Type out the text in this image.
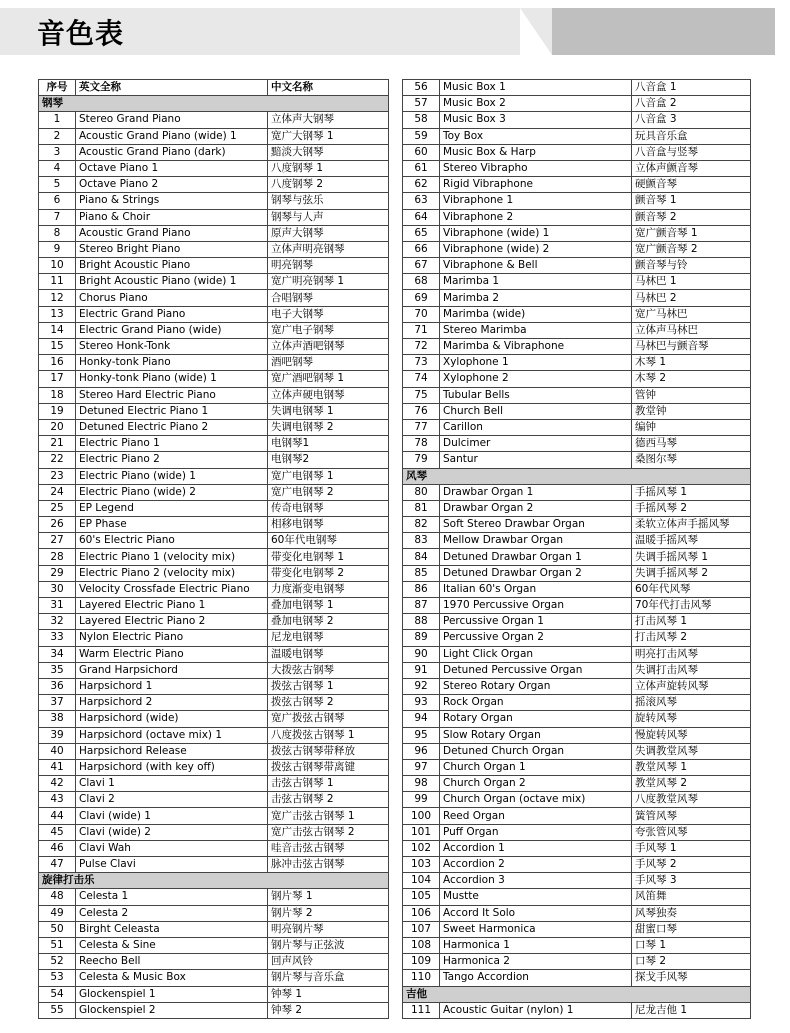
音色表
序号	英文全称	中文名称
钢琴		
1	Stereo Grand Piano	立体声大钢琴
2	Acoustic Grand Piano (wide) 1	宽广大钢琴 1
3	Acoustic Grand Piano (dark)	黯淡大钢琴
4	Octave Piano 1	八度钢琴 1
5	Octave Piano 2	八度钢琴 2
6	Piano & Strings	钢琴与弦乐
7	Piano & Choir	钢琴与人声
8	Acoustic Grand Piano	原声大钢琴
9	Stereo Bright Piano	立体声明亮钢琴
10	Bright Acoustic Piano	明亮钢琴
11	Bright Acoustic Piano (wide) 1	宽广明亮钢琴 1
12	Chorus Piano	合唱钢琴
13	Electric Grand Piano	电子大钢琴
14	Electric Grand Piano (wide)	宽广电子钢琴
15	Stereo Honk-Tonk	立体声酒吧钢琴
16	Honky-tonk Piano	酒吧钢琴
17	Honky-tonk Piano (wide) 1	宽广酒吧钢琴 1
18	Stereo Hard Electric Piano	立体声硬电钢琴
19	Detuned Electric Piano 1	失调电钢琴 1
20	Detuned Electric Piano 2	失调电钢琴 2
21	Electric Piano 1	电钢琴1
22	Electric Piano 2	电钢琴2
23	Electric Piano (wide) 1	宽广电钢琴 1
24	Electric Piano (wide) 2	宽广电钢琴 2
25	EP Legend	传奇电钢琴
26	EP Phase	相移电钢琴
27	60's Electric Piano	60年代电钢琴
28	Electric Piano 1 (velocity mix)	带变化电钢琴 1
29	Electric Piano 2 (velocity mix)	带变化电钢琴 2
30	Velocity Crossfade Electric Piano	力度渐变电钢琴
31	Layered Electric Piano 1	叠加电钢琴 1
32	Layered Electric Piano 2	叠加电钢琴 2
33	Nylon Electric Piano	尼龙电钢琴
34	Warm Electric Piano	温暖电钢琴
35	Grand Harpsichord	大拨弦古钢琴
36	Harpsichord 1	拨弦古钢琴 1
37	Harpsichord 2	拨弦古钢琴 2
38	Harpsichord (wide)	宽广拨弦古钢琴
39	Harpsichord (octave mix) 1	八度拨弦古钢琴 1
40	Harpsichord Release	拨弦古钢琴带释放
41	Harpsichord (with key off)	拨弦古钢琴带离键
42	Clavi 1	击弦古钢琴 1
43	Clavi 2	击弦古钢琴 2
44	Clavi (wide) 1	宽广击弦古钢琴 1
45	Clavi (wide) 2	宽广击弦古钢琴 2
46	Clavi Wah	哇音击弦古钢琴
47	Pulse Clavi	脉冲击弦古钢琴
旋律打击乐		
48	Celesta 1	钢片琴 1
49	Celesta 2	钢片琴 2
50	Birght Celeasta	明亮钢片琴
51	Celesta & Sine	钢片琴与正弦波
52	Reecho Bell	回声风铃
53	Celesta & Music Box	钢片琴与音乐盒
54	Glockenspiel 1	钟琴 1
55	Glockenspiel 2	钟琴 2
56	Music Box 1	八音盒 1
57	Music Box 2	八音盒 2
58	Music Box 3	八音盒 3
59	Toy Box	玩具音乐盒
60	Music Box & Harp	八音盒与竖琴
61	Stereo Vibrapho	立体声颤音琴
62	Rigid Vibraphone	硬颤音琴
63	Vibraphone 1	颤音琴 1
64	Vibraphone 2	颤音琴 2
65	Vibraphone (wide) 1	宽广颤音琴 1
66	Vibraphone (wide) 2	宽广颤音琴 2
67	Vibraphone & Bell	颤音琴与铃
68	Marimba 1	马林巴 1
69	Marimba 2	马林巴 2
70	Marimba (wide)	宽广马林巴
71	Stereo Marimba	立体声马林巴
72	Marimba & Vibraphone	马林巴与颤音琴
73	Xylophone 1	木琴 1
74	Xylophone 2	木琴 2
75	Tubular Bells	管钟
76	Church Bell	教堂钟
77	Carillon	编钟
78	Dulcimer	德西马琴
79	Santur	桑图尔琴
风琴		
80	Drawbar Organ 1	手摇风琴 1
81	Drawbar Organ 2	手摇风琴 2
82	Soft Stereo Drawbar Organ	柔软立体声手摇风琴
83	Mellow Drawbar Organ	温暖手摇风琴
84	Detuned Drawbar Organ 1	失调手摇风琴 1
85	Detuned Drawbar Organ 2	失调手摇风琴 2
86	Italian 60's Organ	60年代风琴
87	1970 Percussive Organ	70年代打击风琴
88	Percussive Organ 1	打击风琴 1
89	Percussive Organ 2	打击风琴 2
90	Light Click Organ	明亮打击风琴
91	Detuned Percussive Organ	失调打击风琴
92	Stereo Rotary Organ	立体声旋转风琴
93	Rock Organ	摇滚风琴
94	Rotary Organ	旋转风琴
95	Slow Rotary Organ	慢旋转风琴
96	Detuned Church Organ	失调教堂风琴
97	Church Organ 1	教堂风琴 1
98	Church Organ 2	教堂风琴 2
99	Church Organ (octave mix)	八度教堂风琴
100	Reed Organ	簧管风琴
101	Puff Organ	夸张管风琴
102	Accordion 1	手风琴 1
103	Accordion 2	手风琴 2
104	Accordion 3	手风琴 3
105	Mustte	风笛舞
106	Accord It Solo	风琴独奏
107	Sweet Harmonica	甜蜜口琴
108	Harmonica 1	口琴 1
109	Harmonica 2	口琴 2
110	Tango Accordion	探戈手风琴
吉他		
111	Acoustic Guitar (nylon) 1	尼龙吉他 1
